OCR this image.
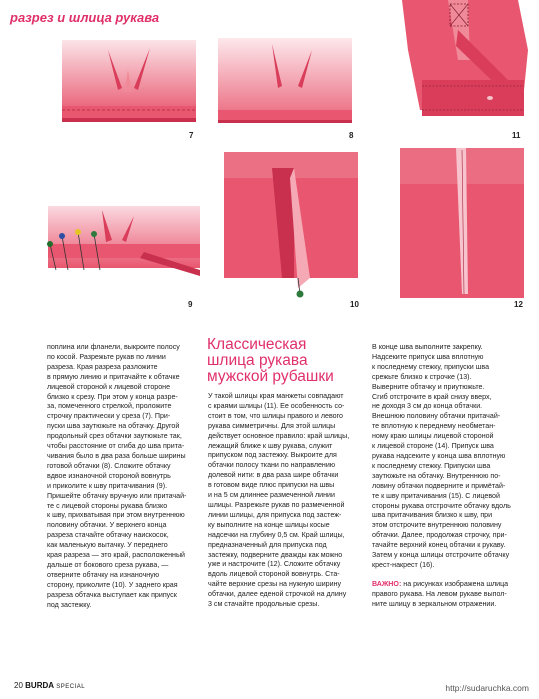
разрез и шлица рукава
7	8	11
9	10	12

поплина или фланели, выкроите полосу

по косой. Разрежьте рукав по линии

разреза. Края разреза разложите

в прямую линию и притачайте к обтачке

лицевой стороной к лицевой стороне

близко к срезу. При этом у конца разре-

за, помеченного стрелкой, проложите

строчку практически у среза (7). При-

пуски шва заутюжьте на обтачку. Другой

продольный срез обтачки заутюжьте так,

чтобы расстояние от сгиба до шва прита-

чивания было в два раза больше ширины

готовой обтачки (8). Сложите обтачку

вдвое изнаночной стороной вовнутрь

и приколите к шву притачивания (9).

Пришейте обтачку вручную или притачай-

те с лицевой стороны рукава близко

к шву, прихватывая при этом внутреннюю

половину обтачки. У верхнего конца

разреза стачайте обтачку наискосок,

как маленькую вытачку. У переднего

края разреза — это край, расположенный

дальше от бокового среза рукава, —

отверните обтачку на изнаночную

сторону, приколите (10). У заднего края

разреза обтачка выступает как припуск

под застежку.

Классическая
шлица рукава
мужской рубашки

У такой шлицы края манжеты совпадают

с краями шлицы (11). Ее особенность со-

стоит в том, что шлицы правого и левого

рукава симметричны. Для этой шлицы

действует основное правило: край шлицы,

лежащий ближе к шву рукава, служит

припуском под застежку. Выкроите для

обтачки полосу ткани по направлению

долевой нити: в два раза шире обтачки

в готовом виде плюс припуски на швы

и на 5 см длиннее размеченной линии

шлицы. Разрежьте рукав по размеченной

линии шлицы, для припуска под застеж-

ку выполните на конце шлицы косые

надсечки на глубину 0,5 см. Край шлицы,

предназначенный для припуска под

застежку, подверните дважды как можно

уже и настрочите (12). Сложите обтачку

вдоль лицевой стороной вовнутрь. Ста-

чайте верхние срезы на нужную ширину

обтачки, далее еденой строчкой на длину

3 см стачайте продольные срезы.

В конце шва выполните закрепку.

Надсеките припуск шва вплотную

к последнему стежку, припуски шва

срежьте близко к строчке (13).

Выверните обтачку и приутюжьте.

Сгиб отстрочите в край снизу вверх,

не доходя 3 см до конца обтачки.

Внешнюю половину обтачки притачай-

те вплотную к переднему необметан-

ному краю шлицы лицевой стороной

к лицевой стороне (14). Припуск шва

рукава надсеките у конца шва вплотную

к последнему стежку. Припуски шва

заутюжьте на обтачку. Внутреннюю по-

ловину обтачки подверните и примётай-

те к шву притачивания (15). С лицевой

стороны рукава отстрочите обтачку вдоль

шва притачивания близко к шву, при

этом отстрочите внутреннюю половину

обтачки. Далее, продолжая строчку, при-

тачайте верхний конец обтачки к рукаву.

Затем у конца шлицы отстрочите обтачку

крест-накрест (16).

ВАЖНО: на рисунках изображена шлица

правого рукава. На левом рукаве выпол-

ните шлицу в зеркальном отражении.

20 BURDA SPECIAL	http://sudaruchka.com
